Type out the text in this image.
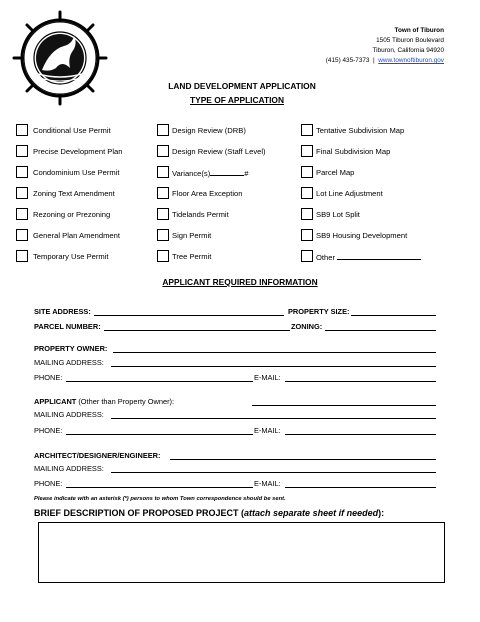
Town of Tiburon
1505 Tiburon Boulevard
Tiburon, California 94920
(415) 435-7373 | www.townoftiburon.gov
LAND DEVELOPMENT APPLICATION
TYPE OF APPLICATION
Conditional Use Permit
Precise Development Plan
Condominium Use Permit
Zoning Text Amendment
Rezoning or Prezoning
General Plan Amendment
Temporary Use Permit
Design Review (DRB)
Design Review (Staff Level)
Variance(s)	#
Floor Area Exception
Tidelands Permit
Sign Permit
Tree Permit
Tentative Subdivision Map
Final Subdivision Map
Parcel Map
Lot Line Adjustment
SB9 Lot Split
SB9 Housing Development
Other
APPLICANT REQUIRED INFORMATION
SITE ADDRESS:	PROPERTY SIZE:
PARCEL NUMBER:	ZONING:
PROPERTY OWNER:
MAILING ADDRESS:
PHONE:	E-MAIL:
APPLICANT (Other than Property Owner):
MAILING ADDRESS:
PHONE:	E-MAIL:
ARCHITECT/DESIGNER/ENGINEER:
MAILING ADDRESS:
PHONE:	E-MAIL:
Please indicate with an asterisk (*) persons to whom Town correspondence should be sent.
BRIEF DESCRIPTION OF PROPOSED PROJECT (attach separate sheet if needed):
